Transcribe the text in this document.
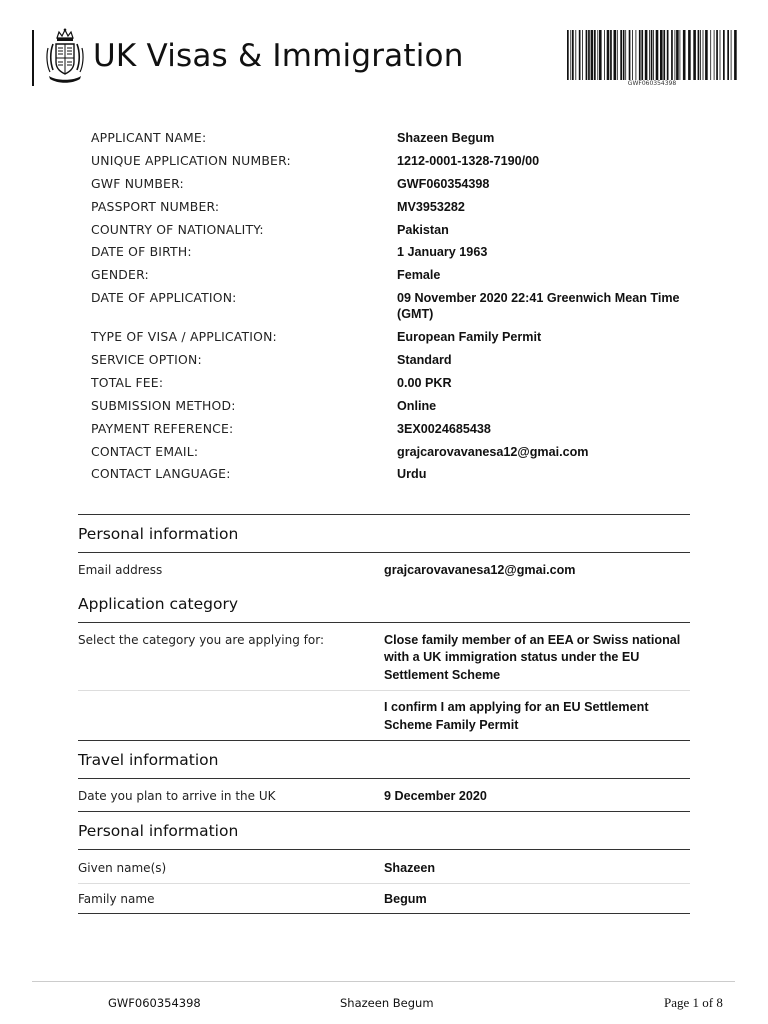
UK Visas & Immigration
GWF060354398
APPLICANT NAME:	Shazeen Begum
UNIQUE APPLICATION NUMBER:	1212-0001-1328-7190/00
GWF NUMBER:	GWF060354398
PASSPORT NUMBER:	MV3953282
COUNTRY OF NATIONALITY:	Pakistan
DATE OF BIRTH:	1 January 1963
GENDER:	Female
DATE OF APPLICATION:	09 November 2020 22:41 Greenwich Mean Time (GMT)
TYPE OF VISA / APPLICATION:	European Family Permit
SERVICE OPTION:	Standard
TOTAL FEE:	0.00 PKR
SUBMISSION METHOD:	Online
PAYMENT REFERENCE:	3EX0024685438
CONTACT EMAIL:	grajcarovavanesa12@gmai.com
CONTACT LANGUAGE:	Urdu
Personal information
Email address	grajcarovavanesa12@gmai.com
Application category
Select the category you are applying for:	Close family member of an EEA or Swiss national with a UK immigration status under the EU Settlement Scheme
I confirm I am applying for an EU Settlement Scheme Family Permit
Travel information
Date you plan to arrive in the UK	9 December 2020
Personal information
Given name(s)	Shazeen
Family name	Begum
GWF060354398	Shazeen Begum	Page 1 of 8
